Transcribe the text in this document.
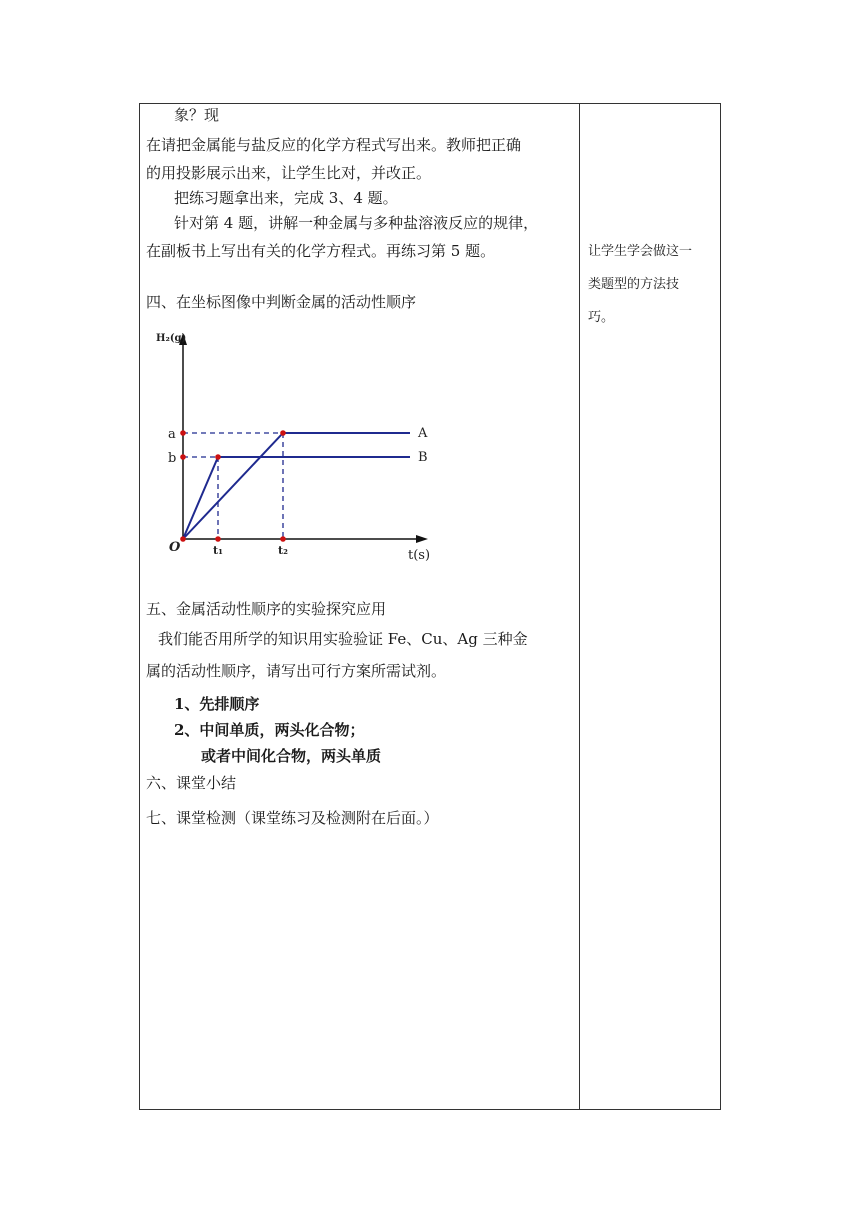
象？现
在请把金属能与盐反应的化学方程式写出来。教师把正确
的用投影展示出来，让学生比对，并改正。
把练习题拿出来，完成 3、4 题。
针对第 4 题，讲解一种金属与多种盐溶液反应的规律，
在副板书上写出有关的化学方程式。再练习第 5 题。
四、在坐标图像中判断金属的活动性顺序
五、金属活动性顺序的实验探究应用
我们能否用所学的知识用实验验证 Fe、Cu、Ag 三种金
属的活动性顺序，请写出可行方案所需试剂。
1、先排顺序
2、中间单质，两头化合物；
或者中间化合物，两头单质
六、课堂小结
七、课堂检测（课堂练习及检测附在后面。）
让学生学会做这一
类题型的方法技
巧。
A
B
H₂(g)
t(s)
O
a
b
t₁	t₂
